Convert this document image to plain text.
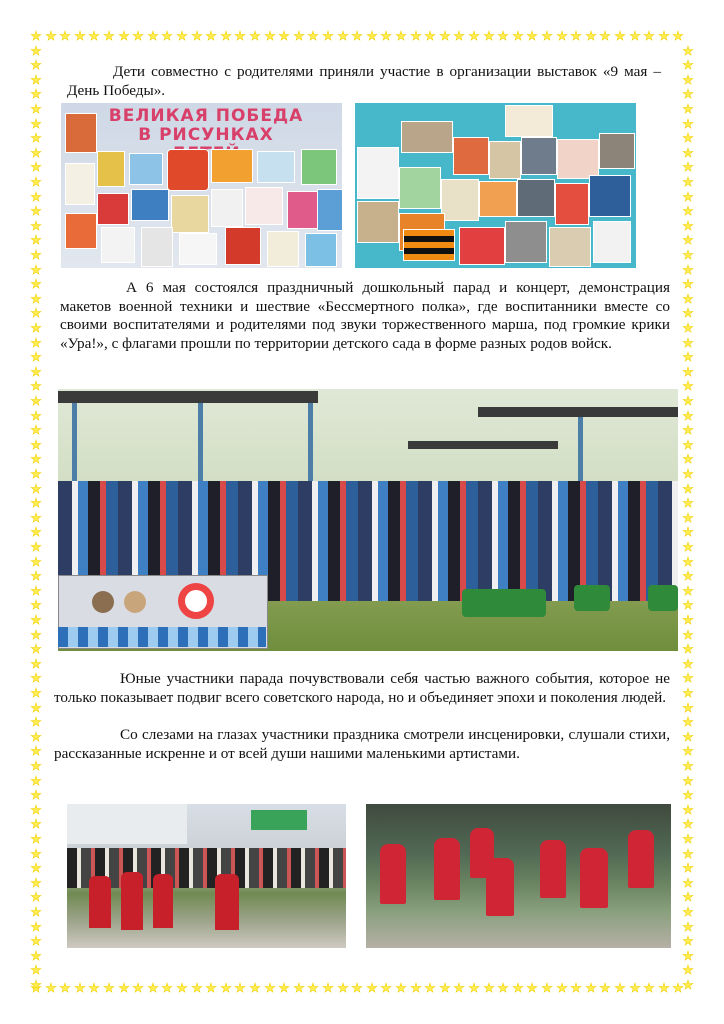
Дети совместно с родителями приняли участие в организации выставок «9 мая – День Победы».

ВЕЛИКАЯ ПОБЕДА В РИСУНКАХ

А 6 мая состоялся праздничный дошкольный парад и концерт, демонстрация макетов военной техники и шествие «Бессмертного полка», где воспитанники вместе со своими воспитателями и родителями под звуки торжественного марша, под громкие крики «Ура!», с флагами прошли по территории детского сада в форме разных родов войск.

Юные участники парада почувствовали себя частью важного события, которое не только показывает подвиг всего советского народа, но и объединяет эпохи и поколения людей.

Со слезами на глазах участники праздника смотрели инсценировки, слушали стихи, рассказанные искренне и от всей души нашими маленькими артистами.
